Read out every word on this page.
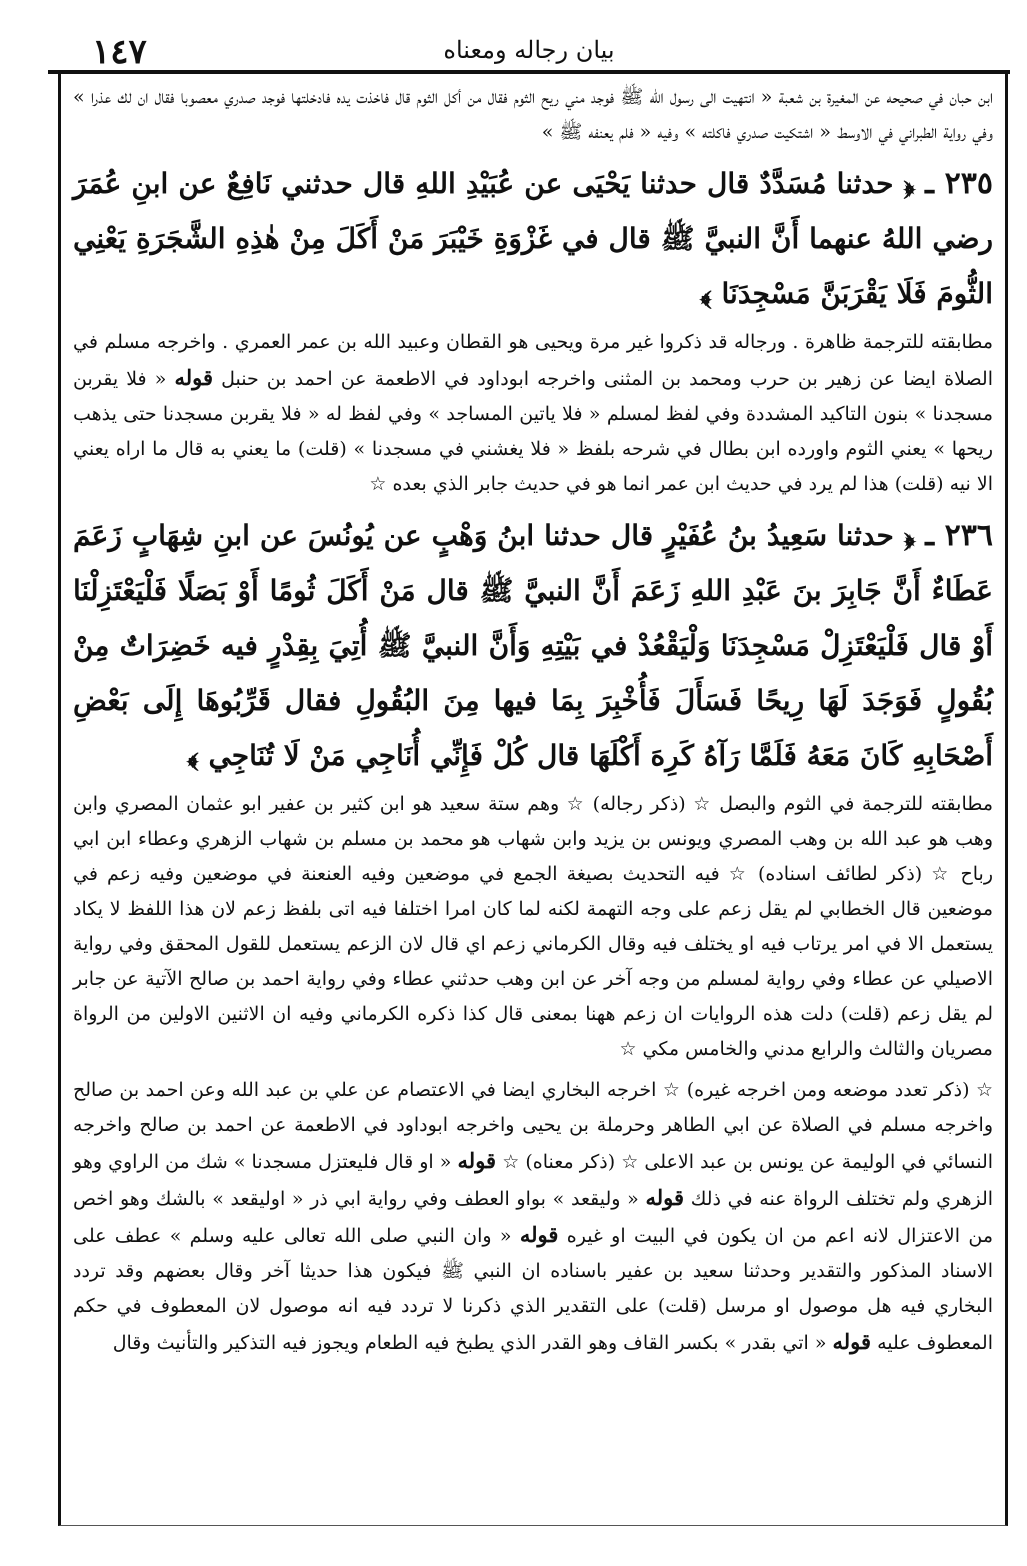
١٤٧	بيان رجاله ومعناه

ابن حبان في صحيحه عن المغيرة بن شعبة « انتهيت الى رسول الله ﷺ فوجد مني ريح الثوم فقال من أكل الثوم قال فاخذت يده فادخلتها فوجد صدري معصوبا فقال ان لك عذرا » وفي رواية الطبراني في الاوسط « اشتكيت صدري فاكلته » وفيه « فلم يعنفه ﷺ »

٢٣٥ ـ ﴿ حدثنا مُسَدَّدٌ قال حدثنا يَحْيَى عن عُبَيْدِ اللهِ قال حدثني نَافِعٌ عن ابنِ عُمَرَ رضي اللهُ عنهما أَنَّ النبيَّ ﷺ قال في غَزْوَةِ خَيْبَرَ مَنْ أَكَلَ مِنْ هٰذِهِ الشَّجَرَةِ يَعْنِي الثُّومَ فَلَا يَقْرَبَنَّ مَسْجِدَنَا ﴾

مطابقته للترجمة ظاهرة . ورجاله قد ذكروا غير مرة ويحيى هو القطان وعبيد الله بن عمر العمري . واخرجه مسلم في الصلاة ايضا عن زهير بن حرب ومحمد بن المثنى واخرجه ابوداود في الاطعمة عن احمد بن حنبل قوله « فلا يقربن مسجدنا » بنون التاكيد المشددة وفي لفظ لمسلم « فلا ياتين المساجد » وفي لفظ له « فلا يقربن مسجدنا حتى يذهب ريحها » يعني الثوم واورده ابن بطال في شرحه بلفظ « فلا يغشني في مسجدنا » (قلت) ما يعني به قال ما اراه يعني الا نيه (قلت) هذا لم يرد في حديث ابن عمر انما هو في حديث جابر الذي بعده ☆

٢٣٦ ـ ﴿ حدثنا سَعِيدُ بنُ عُفَيْرٍ قال حدثنا ابنُ وَهْبٍ عن يُونُسَ عن ابنِ شِهَابٍ زَعَمَ عَطَاءٌ أَنَّ جَابِرَ بنَ عَبْدِ اللهِ زَعَمَ أَنَّ النبيَّ ﷺ قال مَنْ أَكَلَ ثُومًا أَوْ بَصَلًا فَلْيَعْتَزِلْنَا أَوْ قال فَلْيَعْتَزِلْ مَسْجِدَنَا وَلْيَقْعُدْ في بَيْتِهِ وَأَنَّ النبيَّ ﷺ أُتِيَ بِقِدْرٍ فيه خَضِرَاتٌ مِنْ بُقُولٍ فَوَجَدَ لَهَا رِيحًا فَسَأَلَ فَأُخْبِرَ بِمَا فيها مِنَ البُقُولِ فقال قَرِّبُوهَا إِلَى بَعْضِ أَصْحَابِهِ كَانَ مَعَهُ فَلَمَّا رَآهُ كَرِهَ أَكْلَهَا قال كُلْ فَإِنِّي أُنَاجِي مَنْ لَا تُنَاجِي ﴾

مطابقته للترجمة في الثوم والبصل ☆ (ذكر رجاله) ☆ وهم ستة سعيد هو ابن كثير بن عفير ابو عثمان المصري وابن وهب هو عبد الله بن وهب المصري ويونس بن يزيد وابن شهاب هو محمد بن مسلم بن شهاب الزهري وعطاء ابن ابي رباح ☆ (ذكر لطائف اسناده) ☆ فيه التحديث بصيغة الجمع في موضعين وفيه العنعنة في موضعين وفيه زعم في موضعين قال الخطابي لم يقل زعم على وجه التهمة لكنه لما كان امرا اختلفا فيه اتى بلفظ زعم لان هذا اللفظ لا يكاد يستعمل الا في امر يرتاب فيه او يختلف فيه وقال الكرماني زعم اي قال لان الزعم يستعمل للقول المحقق وفي رواية الاصيلي عن عطاء وفي رواية لمسلم من وجه آخر عن ابن وهب حدثني عطاء وفي رواية احمد بن صالح الآتية عن جابر لم يقل زعم (قلت) دلت هذه الروايات ان زعم ههنا بمعنى قال كذا ذكره الكرماني وفيه ان الاثنين الاولين من الرواة مصريان والثالث والرابع مدني والخامس مكي ☆

☆ (ذكر تعدد موضعه ومن اخرجه غيره) ☆ اخرجه البخاري ايضا في الاعتصام عن علي بن عبد الله وعن احمد بن صالح واخرجه مسلم في الصلاة عن ابي الطاهر وحرملة بن يحيى واخرجه ابوداود في الاطعمة عن احمد بن صالح واخرجه النسائي في الوليمة عن يونس بن عبد الاعلى ☆ (ذكر معناه) ☆ قوله « او قال فليعتزل مسجدنا » شك من الراوي وهو الزهري ولم تختلف الرواة عنه في ذلك قوله « وليقعد » بواو العطف وفي رواية ابي ذر « اوليقعد » بالشك وهو اخص من الاعتزال لانه اعم من ان يكون في البيت او غيره قوله « وان النبي صلى الله تعالى عليه وسلم » عطف على الاسناد المذكور والتقدير وحدثنا سعيد بن عفير باسناده ان النبي ﷺ فيكون هذا حديثا آخر وقال بعضهم وقد تردد البخاري فيه هل موصول او مرسل (قلت) على التقدير الذي ذكرنا لا تردد فيه انه موصول لان المعطوف في حكم المعطوف عليه قوله « اتي بقدر » بكسر القاف وهو القدر الذي يطبخ فيه الطعام ويجوز فيه التذكير والتأنيث وقال
